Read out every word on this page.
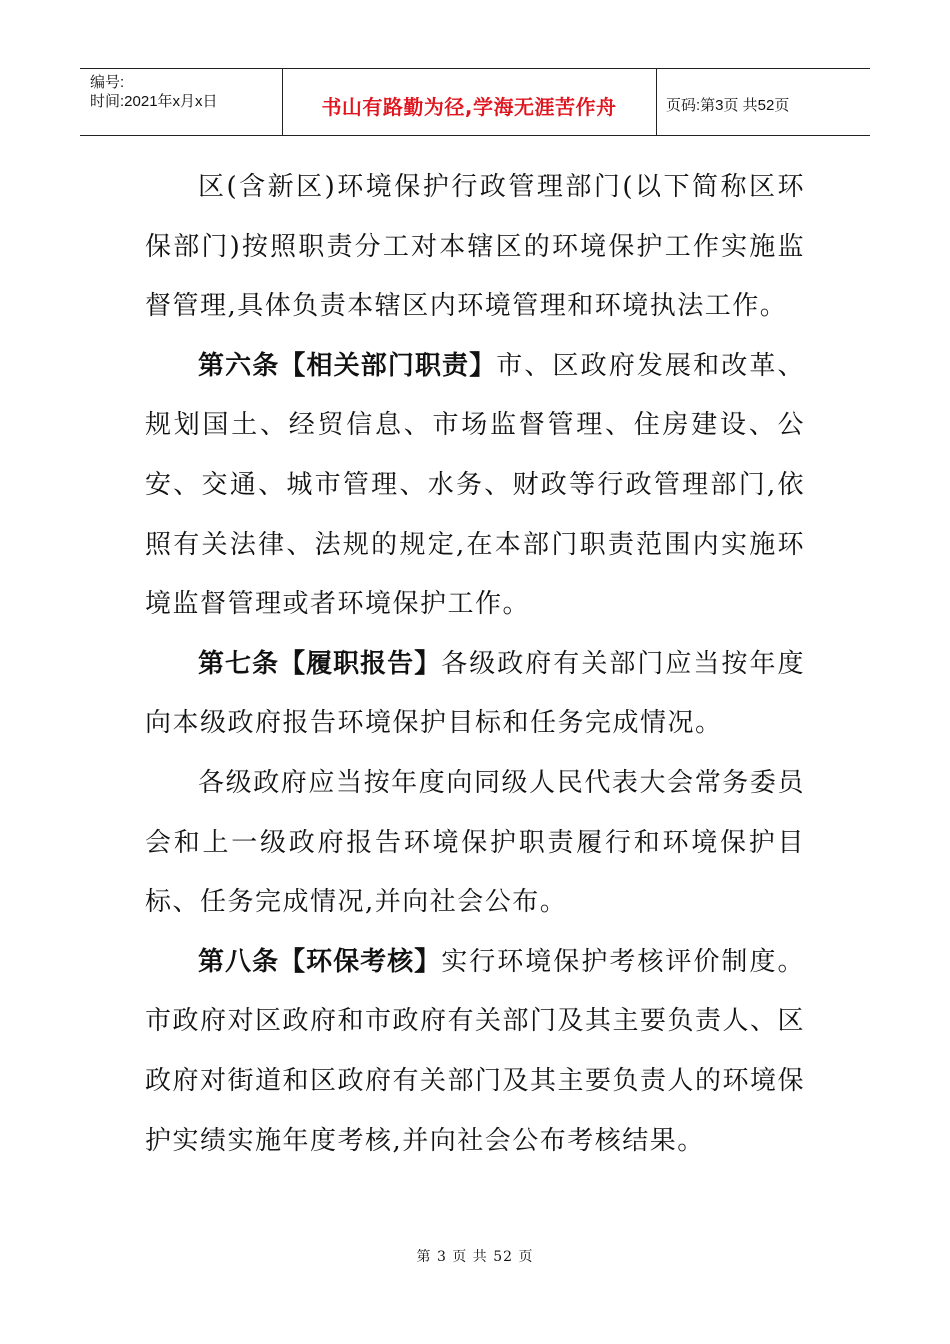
编号:
时间:2021年x月x日	书山有路勤为径,学海无涯苦作舟	页码:第3页 共52页

区(含新区)环境保护行政管理部门(以下简称区环保部门)按照职责分工对本辖区的环境保护工作实施监督管理,具体负责本辖区内环境管理和环境执法工作。

第六条【相关部门职责】市、区政府发展和改革、规划国土、经贸信息、市场监督管理、住房建设、公安、交通、城市管理、水务、财政等行政管理部门,依照有关法律、法规的规定,在本部门职责范围内实施环境监督管理或者环境保护工作。

第七条【履职报告】各级政府有关部门应当按年度向本级政府报告环境保护目标和任务完成情况。

各级政府应当按年度向同级人民代表大会常务委员会和上一级政府报告环境保护职责履行和环境保护目标、任务完成情况,并向社会公布。

第八条【环保考核】实行环境保护考核评价制度。市政府对区政府和市政府有关部门及其主要负责人、区政府对街道和区政府有关部门及其主要负责人的环境保护实绩实施年度考核,并向社会公布考核结果。

第 3 页 共 52 页
